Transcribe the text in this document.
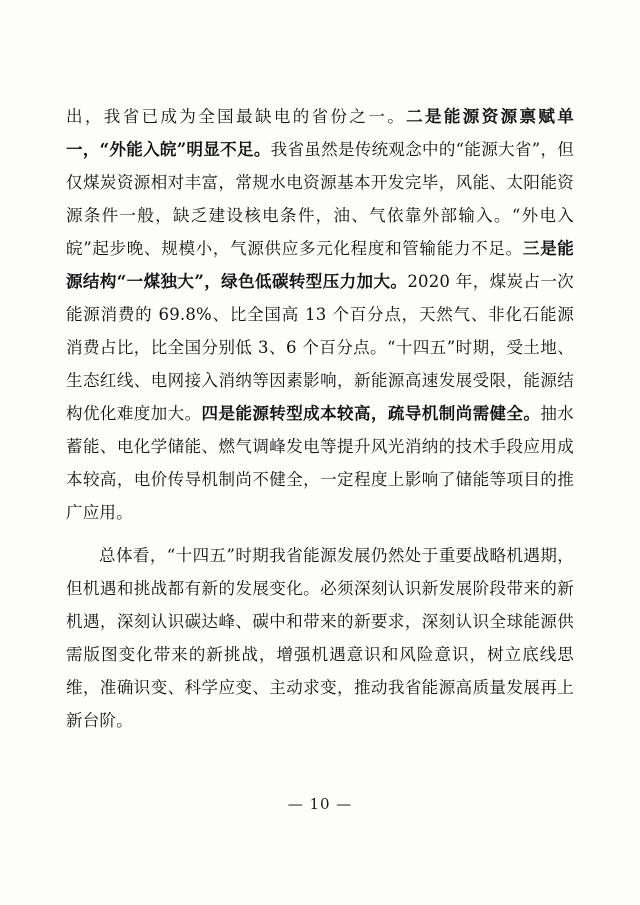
出，我省已成为全国最缺电的省份之一。二是能源资源禀赋单一，“外能入皖”明显不足。我省虽然是传统观念中的“能源大省”，但仅煤炭资源相对丰富，常规水电资源基本开发完毕，风能、太阳能资源条件一般，缺乏建设核电条件，油、气依靠外部输入。“外电入皖”起步晚、规模小，气源供应多元化程度和管输能力不足。三是能源结构“一煤独大”，绿色低碳转型压力加大。2020 年，煤炭占一次能源消费的 69.8%、比全国高 13 个百分点，天然气、非化石能源消费占比，比全国分别低 3、6 个百分点。“十四五”时期，受土地、生态红线、电网接入消纳等因素影响，新能源高速发展受限，能源结构优化难度加大。四是能源转型成本较高，疏导机制尚需健全。抽水蓄能、电化学储能、燃气调峰发电等提升风光消纳的技术手段应用成本较高，电价传导机制尚不健全，一定程度上影响了储能等项目的推广应用。

总体看，“十四五”时期我省能源发展仍然处于重要战略机遇期，但机遇和挑战都有新的发展变化。必须深刻认识新发展阶段带来的新机遇，深刻认识碳达峰、碳中和带来的新要求，深刻认识全球能源供需版图变化带来的新挑战，增强机遇意识和风险意识，树立底线思维，准确识变、科学应变、主动求变，推动我省能源高质量发展再上新台阶。

— 10 —
